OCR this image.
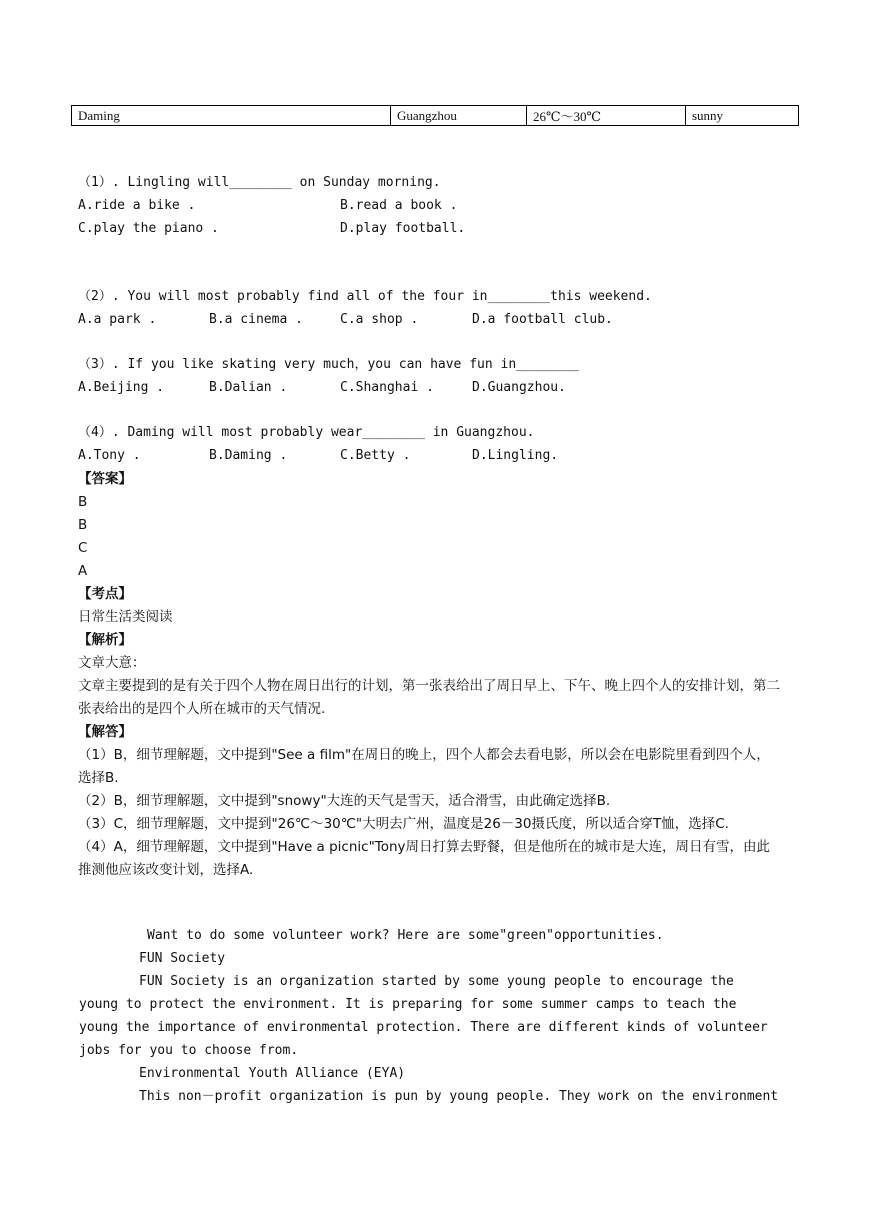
Daming	Guangzhou	26℃～30℃	sunny
（1）. Lingling will________ on Sunday morning.
A.ride a bike .	B.read a book .
C.play the piano .	D.play football.
（2）. You will most probably find all of the four in________this weekend.
A.a park .	B.a cinema .	C.a shop .	D.a football club.
（3）. If you like skating very much，you can have fun in________
A.Beijing .	B.Dalian .	C.Shanghai .	D.Guangzhou.
（4）. Daming will most probably wear________ in Guangzhou.
A.Tony .	B.Daming .	C.Betty .	D.Lingling.
【答案】
B
B
C
A
【考点】
日常生活类阅读
【解析】
文章大意：
文章主要提到的是有关于四个人物在周日出行的计划，第一张表给出了周日早上、下午、晚上四个人的安排计划，第二张表给出的是四个人所在城市的天气情况.
【解答】
（1）B，细节理解题，文中提到"See a film"在周日的晚上，四个人都会去看电影，所以会在电影院里看到四个人，选择B.
（2）B，细节理解题，文中提到"snowy"大连的天气是雪天，适合滑雪，由此确定选择B.
（3）C，细节理解题，文中提到"26℃～30℃"大明去广州，温度是26－30摄氏度，所以适合穿T恤，选择C.
（4）A，细节理解题，文中提到"Have a picnic"Tony周日打算去野餐，但是他所在的城市是大连，周日有雪，由此推测他应该改变计划，选择A.
Want to do some volunteer work? Here are some"green"opportunities.
FUN Society
FUN Society is an organization started by some young people to encourage the young to protect the environment. It is preparing for some summer camps to teach the young the importance of environmental protection. There are different kinds of volunteer jobs for you to choose from.
Environmental Youth Alliance (EYA)
This non－profit organization is pun by young people. They work on the environment
